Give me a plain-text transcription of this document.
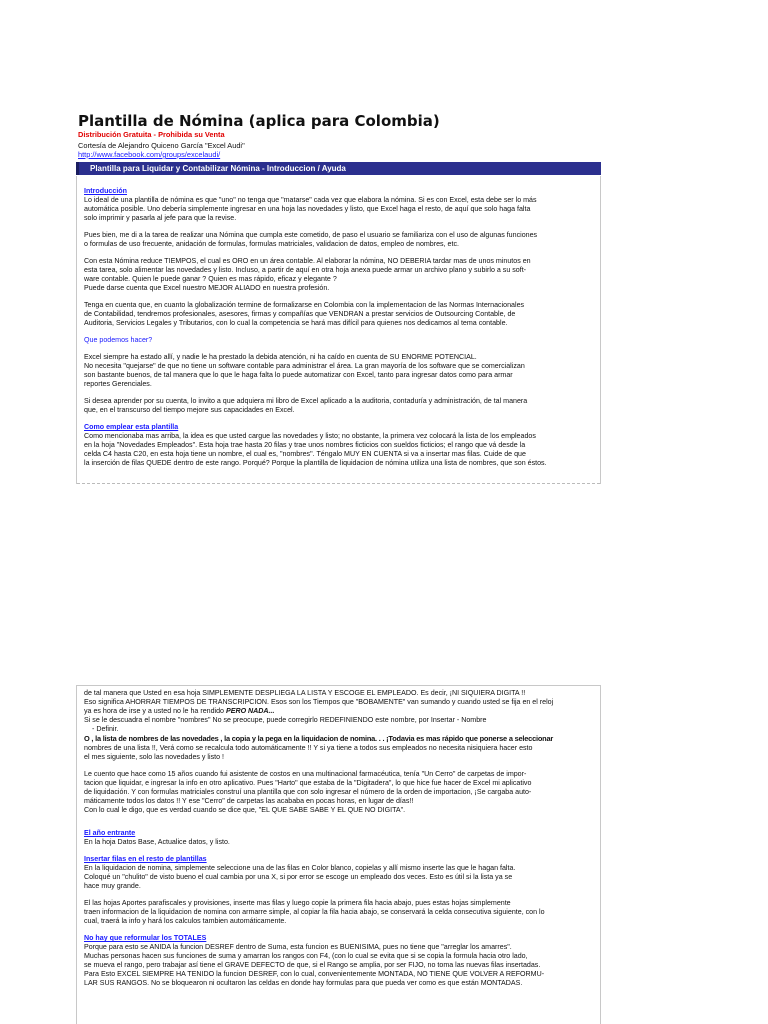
Plantilla de Nómina (aplica para Colombia)
Distribución Gratuita - Prohibida su Venta
Cortesía de Alejandro Quiceno García "Excel Audi"
http://www.facebook.com/groups/excelaudi/
Plantilla para Liquidar y Contabilizar Nómina - Introduccion / Ayuda
Introducción

Lo ideal de una plantilla de nómina es que "uno" no tenga que "matarse" cada vez que elabora la nómina. Si es con Excel, esta debe ser lo más
automática posible. Uno debería simplemente ingresar en una hoja las novedades y listo, que Excel haga el resto, de aquí que solo haga falta
solo imprimir y pasarla al jefe para que la revise.

Pues bien, me di a la tarea de realizar una Nómina que cumpla este cometido, de paso el usuario se familiariza con el uso de algunas funciones
o formulas de uso frecuente, anidación de formulas, formulas matriciales, validacion de datos, empleo de nombres, etc.

Con esta Nómina reduce TIEMPOS, el cual es ORO en un área contable. Al elaborar la nómina, NO DEBERIA tardar mas de unos minutos en
esta tarea, solo alimentar las novedades y listo. Incluso, a partir de aquí en otra hoja anexa puede armar un archivo plano y subirlo a su soft-
ware contable. Quien le puede ganar ? Quien es mas rápido, eficaz y elegante ?
Puede darse cuenta que Excel nuestro MEJOR ALIADO en nuestra profesión.

Tenga en cuenta que, en cuanto la globalización termine de formalizarse en Colombia con la implementacion de las Normas Internacionales
de Contabilidad, tendremos profesionales, asesores, firmas y compañías que VENDRAN a prestar servicios de Outsourcing Contable, de
Auditoria, Servicios Legales y Tributarios, con lo cual la competencia se hará mas difícil para quienes nos dedicamos al tema contable.

Que podemos hacer?

Excel siempre ha estado allí, y nadie le ha prestado la debida atención, ni ha caído en cuenta de SU ENORME POTENCIAL.
No necesita "quejarse" de que no tiene un software contable para administrar el área. La gran mayoría de los software que se comercializan
son bastante buenos, de tal manera que lo que le haga falta lo puede automatizar con Excel, tanto para ingresar datos como para armar
reportes Gerenciales.

Si desea aprender por su cuenta, lo invito a que adquiera mi libro de Excel aplicado a la auditoria, contaduría y administración, de tal manera
que, en el transcurso del tiempo mejore sus capacidades en Excel.

Como emplear esta plantilla

Como mencionaba mas arriba, la idea es que usted cargue las novedades y listo; no obstante, la primera vez colocará la lista de los empleados
en la hoja "Novedades Empleados". Esta hoja trae hasta 20 filas y trae unos nombres ficticios con sueldos ficticios; el rango que vá desde la
celda C4 hasta C20, en esta hoja tiene un nombre, el cual es, "nombres". Téngalo MUY EN CUENTA si va a insertar mas filas. Cuide de que
la inserción de filas QUEDE dentro de este rango. Porqué? Porque la plantilla de liquidacion de nómina utiliza una lista de nombres, que son éstos.

de tal manera que Usted en esa hoja SIMPLEMENTE DESPLIEGA LA LISTA Y ESCOGE EL EMPLEADO. Es decir, ¡NI SIQUIERA DIGITA !!
Eso significa AHORRAR TIEMPOS DE TRANSCRIPCION. Esos son los Tiempos que "BOBAMENTE" van sumando y cuando usted se fija en el reloj
ya es hora de irse y a usted no le ha rendido PERO NADA...
Si se le descuadra el nombre "nombres" No se preocupe, puede corregirlo REDEFINIENDO este nombre, por Insertar - Nombre
- Definir.
O , la lista de nombres de las novedades , la copia y la pega en la liquidacion de nomina. . . ¡Todavia es mas rápido que ponerse a seleccionar
nombres de una lista !!, Verá como se recalcula todo automáticamente !! Y si ya tiene a todos sus empleados no necesita nisiquiera hacer esto
el mes siguiente, solo las novedades y listo !

Le cuento que hace como 15 años cuando fui asistente de costos en una multinacional farmacéutica, tenía "Un Cerro" de carpetas de impor-
tacion que liquidar, e ingresar la info en otro aplicativo. Pues "Harto" que estaba de la "Digitadera", lo que hice fue hacer de Excel mi aplicativo
de liquidación. Y con formulas matriciales construí una plantilla que con solo ingresar el número de la orden de importacion, ¡Se cargaba auto-
máticamente todos los datos !! Y ese "Cerro" de carpetas las acababa en pocas horas, en lugar de días!!
Con lo cual le digo, que es verdad cuando se dice que, "EL QUE SABE SABE Y EL QUE NO DIGITA".

El año entrante
En la hoja Datos Base, Actualice datos, y listo.

Insertar filas en el resto de plantillas
En la liquidacion de nomina, simplemente seleccione una de las filas en Color blanco, copielas y allí mismo inserte las que le hagan falta.
Coloqué un "chulito" de visto bueno el cual cambia por una X, si por error se escoge un empleado dos veces. Esto es útil si la lista ya se
hace muy grande.

El las hojas Aportes parafiscales y provisiones, inserte mas filas y luego copie la primera fila hacia abajo, pues estas hojas simplemente
traen informacion de la liquidacion de nomina con armarre simple, al copiar la fila hacia abajo, se conservará la celda consecutiva siguiente, con lo
cual, traerá la info y hará los calculos tambien automáticamente.

No hay que reformular los TOTALES
Porque para esto se ANIDA la funcion DESREF dentro de Suma, esta funcion es BUENISIMA, pues no tiene que "arreglar los amarres".
Muchas personas hacen sus funciones de suma y amarran los rangos con F4, (con lo cual se evita que si se copia la formula hacia otro lado,
se mueva el rango, pero trabajar así tiene el GRAVE DEFECTO de que, si el Rango se amplia, por ser FIJO, no toma las nuevas filas insertadas.
Para Esto EXCEL SIEMPRE HA TENIDO la funcion DESREF, con lo cual, convenientemente MONTADA, NO TIENE QUE VOLVER A REFORMU-
LAR SUS RANGOS. No se bloquearon ni ocultaron las celdas en donde hay formulas para que pueda ver como es que están MONTADAS.
